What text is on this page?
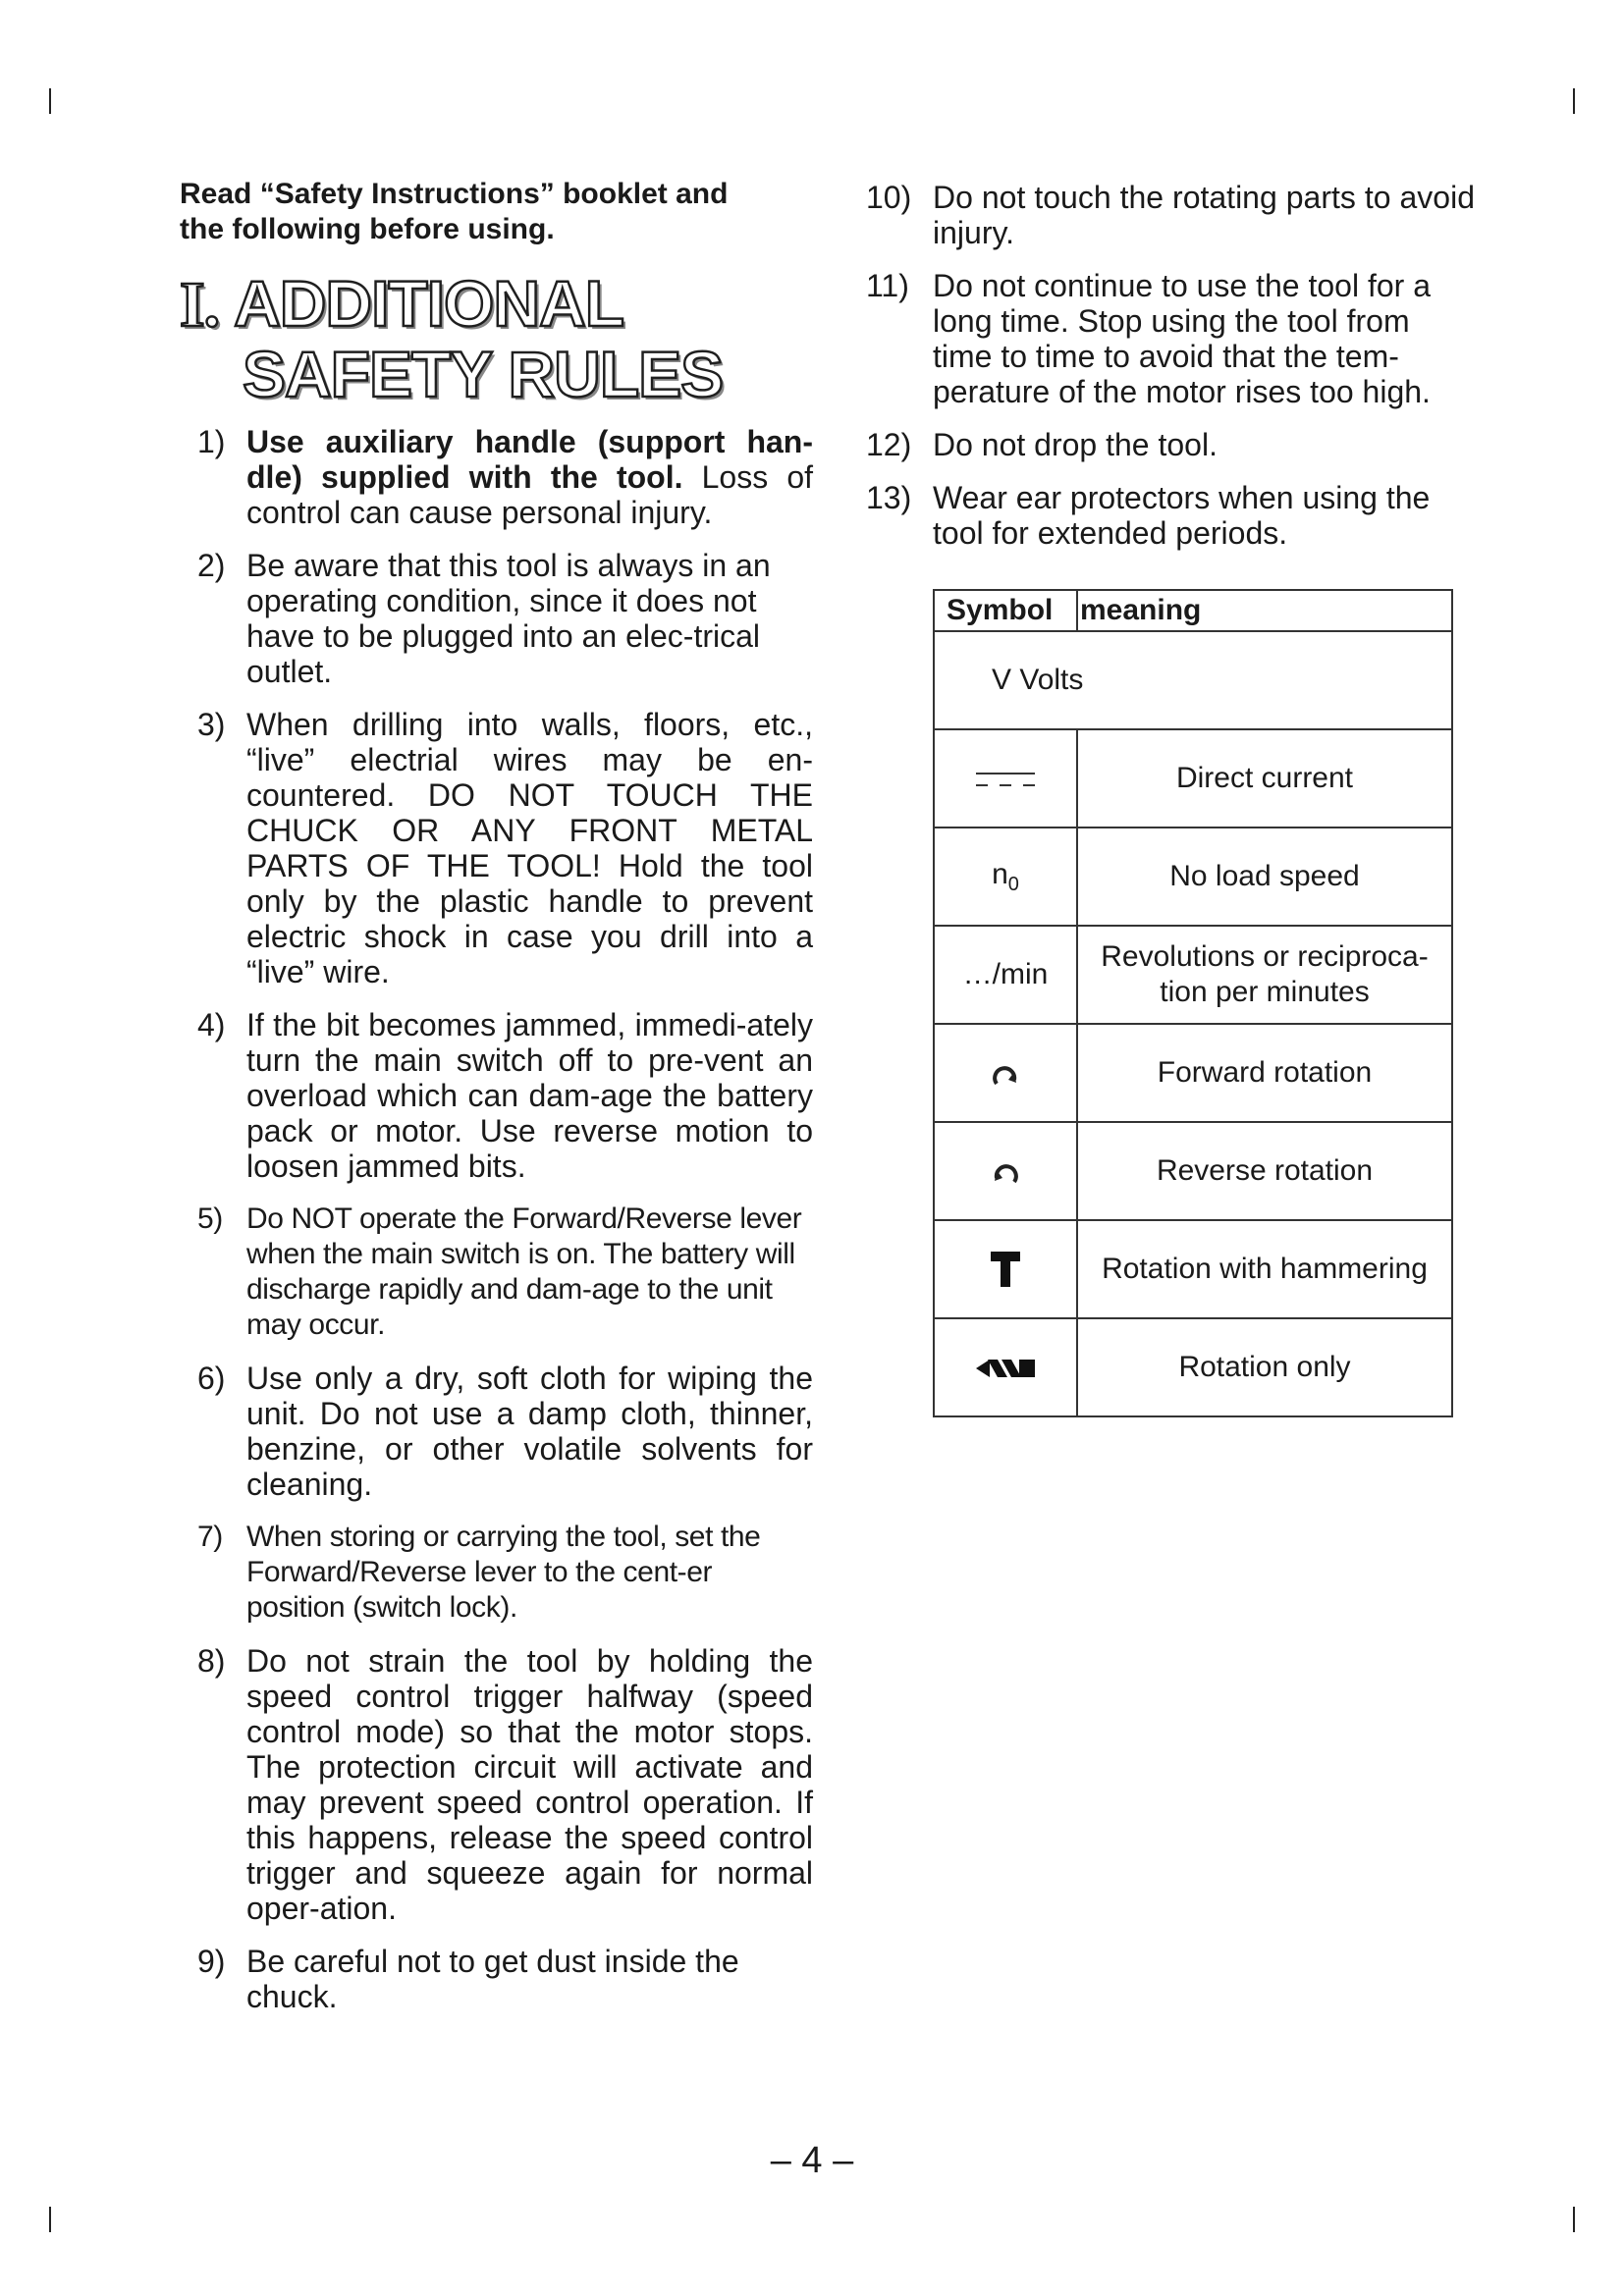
Read “Safety Instructions” booklet and
the following before using.

I. ADDITIONAL
SAFETY RULES
1) Use auxiliary handle (support han-dle) supplied with the tool. Loss of control can cause personal injury.
2) Be aware that this tool is always in an operating condition, since it does not have to be plugged into an elec-trical outlet.
3) When drilling into walls, floors, etc., “live” electrial wires may be en-countered. DO NOT TOUCH THE CHUCK OR ANY FRONT METAL PARTS OF THE TOOL! Hold the tool only by the plastic handle to prevent electric shock in case you drill into a “live” wire.
4) If the bit becomes jammed, immedi-ately turn the main switch off to pre-vent an overload which can dam-age the battery pack or motor. Use reverse motion to loosen jammed bits.
5) Do NOT operate the Forward/Reverse lever when the main switch is on. The battery will discharge rapidly and dam-age to the unit may occur.
6) Use only a dry, soft cloth for wiping the unit. Do not use a damp cloth, thinner, benzine, or other volatile solvents for cleaning.
7) When storing or carrying the tool, set the Forward/Reverse lever to the cent-er position (switch lock).
8) Do not strain the tool by holding the speed control trigger halfway (speed control mode) so that the motor stops. The protection circuit will activate and may prevent speed control operation. If this happens, release the speed control trigger and squeeze again for normal oper-ation.
9) Be careful not to get dust inside the chuck.
10) Do not touch the rotating parts to avoid injury.
11) Do not continue to use the tool for a long time. Stop using the tool from time to time to avoid that the tem-perature of the motor rises too high.
12) Do not drop the tool.
13) Wear ear protectors when using the tool for extended periods.
Symbol	meaning
V Volts	
	Direct current
$n_0$	No load speed
…/min	Revolutions or reciproca-tion per minutes
	Forward rotation
	Reverse rotation
	Rotation with hammering
	Rotation only
– 4 –
